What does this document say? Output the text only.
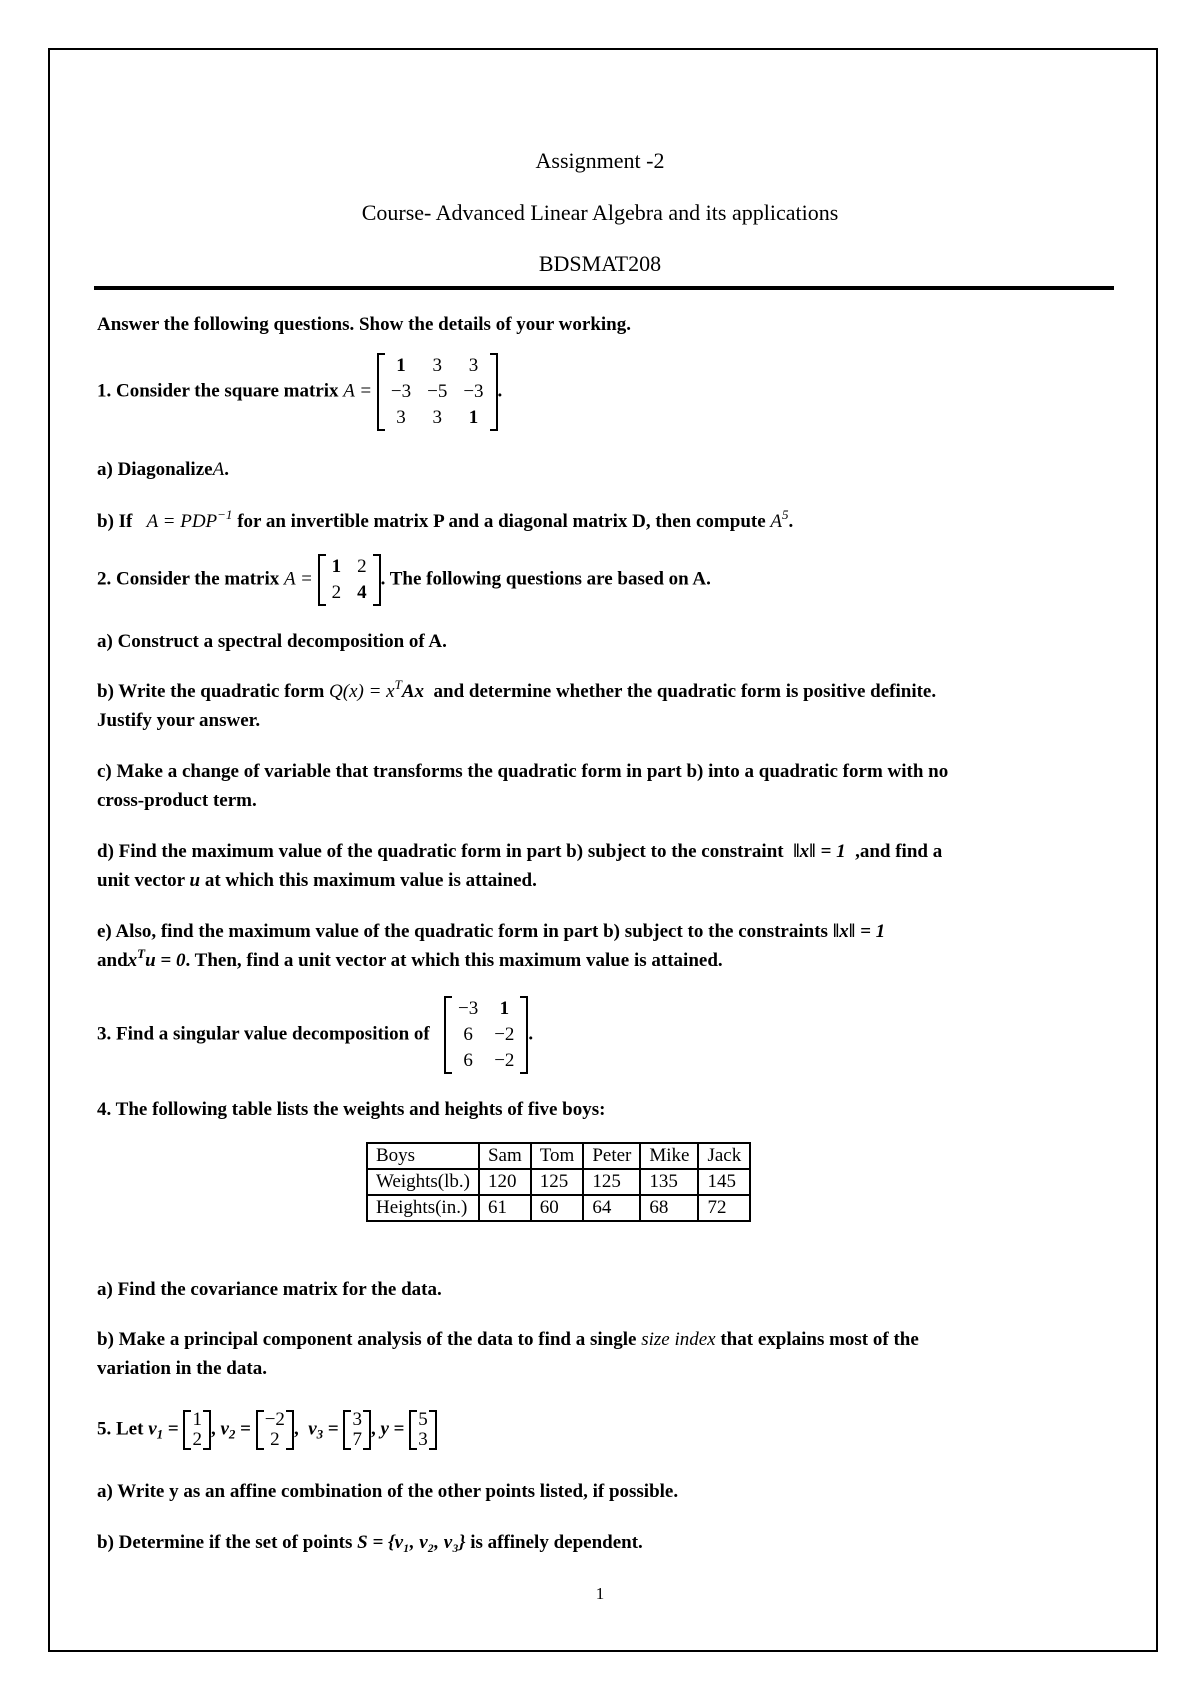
Assignment -2
Course- Advanced Linear Algebra and its applications
BDSMAT208
Answer the following questions. Show the details of your working.
1. Consider the square matrix A =
1	3	3
−3	−5	−3
3	3	1
.
a) DiagonalizeA.
b) If $A = PDP^{-1}$ for an invertible matrix P and a diagonal matrix D, then compute $A^5$.
2. Consider the matrix A =
1	2
2	4
. The following questions are based on A.
a) Construct a spectral decomposition of A.
b) Write the quadratic form $Q(x) = x^TAx$ and determine whether the quadratic form is positive definite.
Justify your answer.
c) Make a change of variable that transforms the quadratic form in part b) into a quadratic form with no
cross-product term.
d) Find the maximum value of the quadratic form in part b) subject to the constraint ‖x‖ = 1 ,and find a
unit vector u at which this maximum value is attained.
e) Also, find the maximum value of the quadratic form in part b) subject to the constraints ‖x‖ = 1
andx$^T$u = 0. Then, find a unit vector at which this maximum value is attained.
3. Find a singular value decomposition of
−3	1
6	−2
6	−2
.
4. The following table lists the weights and heights of five boys:
Boys	Sam	Tom	Peter	Mike	Jack
Weights(lb.)	120	125	125	135	145
Heights(in.)	61	60	64	68	72
a) Find the covariance matrix for the data.
b) Make a principal component analysis of the data to find a single size index that explains most of the
variation in the data.
5. Let $v_1 = 1$
2
, $v_2 = -2$
2
,  $v_3 = 3$
7
, y = 5
3
a) Write y as an affine combination of the other points listed, if possible.
b) Determine if the set of points S = {v₁, v₂, v₃} is affinely dependent.
1
